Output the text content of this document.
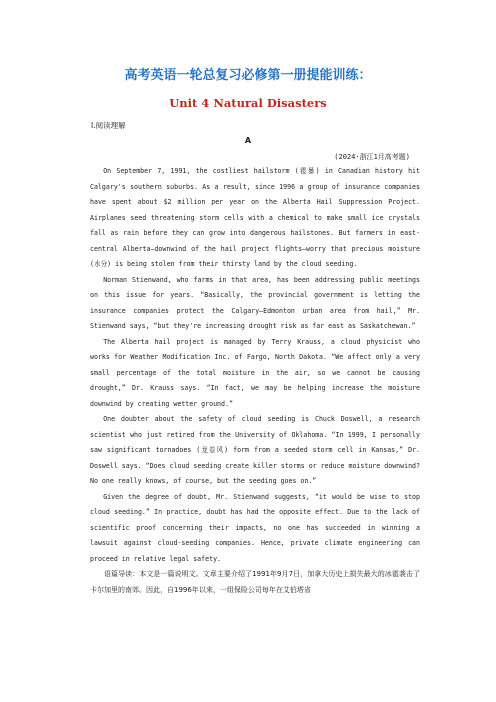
高考英语一轮总复习必修第一册提能训练：
Unit 4 Natural Disasters
Ⅰ.阅读理解
A
(2024·浙江1月高考题)

On September 7, 1991, the costliest hailstorm (雹暴) in Canadian history hit Calgary's southern suburbs. As a result, since 1996 a group of insurance companies have spent about $2 million per year on the Alberta Hail Suppression Project. Airplanes seed threatening storm cells with a chemical to make small ice crystals fall as rain before they can grow into dangerous hailstones. But farmers in east-central Alberta—downwind of the hail project flights—worry that precious moisture (水分) is being stolen from their thirsty land by the cloud seeding.

Norman Stienwand, who farms in that area, has been addressing public meetings on this issue for years. “Basically, the provincial government is letting the insurance companies protect the Calgary—Edmonton urban area from hail,” Mr. Stienwand says, “but they're increasing drought risk as far east as Saskatchewan.”

The Alberta hail project is managed by Terry Krauss, a cloud physicist who works for Weather Modification Inc. of Fargo, North Dakota. “We affect only a very small percentage of the total moisture in the air, so we cannot be causing drought,” Dr. Krauss says. “In fact, we may be helping increase the moisture downwind by creating wetter ground.”

One doubter about the safety of cloud seeding is Chuck Doswell, a research scientist who just retired from the University of Oklahoma. “In 1999, I personally saw significant tornadoes (龙卷风) form from a seeded storm cell in Kansas,” Dr. Doswell says. “Does cloud seeding create killer storms or reduce moisture downwind? No one really knows, of course, but the seeding goes on.”

Given the degree of doubt, Mr. Stienwand suggests, “it would be wise to stop cloud seeding.” In practice, doubt has had the opposite effect. Due to the lack of scientific proof concerning their impacts, no one has succeeded in winning a lawsuit against cloud-seeding companies. Hence, private climate engineering can proceed in relative legal safety.

语篇导读：本文是一篇说明文。文章主要介绍了1991年9月7日，加拿大历史上损失最大的冰雹袭击了卡尔加里的南郊。因此，自1996年以来，一组保险公司每年在艾伯塔省
